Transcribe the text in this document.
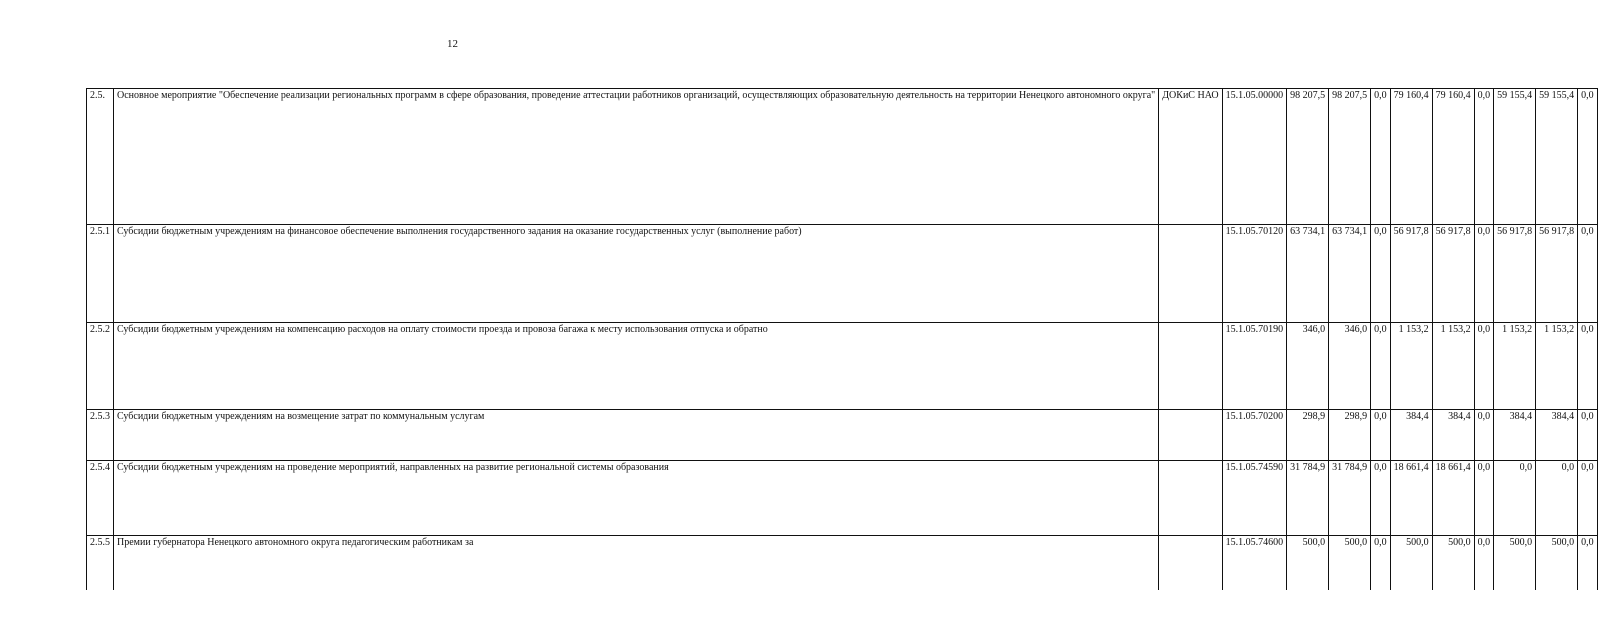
12
2.5.	Основное мероприятие "Обеспечение реализации региональных программ в сфере образования, проведение аттестации работников организаций, осуществляющих образовательную деятельность на территории Ненецкого автономного округа"	ДОКиС НАО	15.1.05.00000	98 207,5	98 207,5	0,0	79 160,4	79 160,4	0,0	59 155,4	59 155,4	0,0
2.5.1	Субсидии бюджетным учреждениям на финансовое обеспечение выполнения государственного задания на оказание государственных услуг (выполнение работ)		15.1.05.70120	63 734,1	63 734,1	0,0	56 917,8	56 917,8	0,0	56 917,8	56 917,8	0,0
2.5.2	Субсидии бюджетным учреждениям на компенсацию расходов на оплату стоимости проезда и провоза багажа к месту использования отпуска и обратно		15.1.05.70190	346,0	346,0	0,0	1 153,2	1 153,2	0,0	1 153,2	1 153,2	0,0
2.5.3	Субсидии бюджетным учреждениям на возмещение затрат по коммунальным услугам		15.1.05.70200	298,9	298,9	0,0	384,4	384,4	0,0	384,4	384,4	0,0
2.5.4	Субсидии бюджетным учреждениям на проведение мероприятий, направленных на развитие региональной системы образования		15.1.05.74590	31 784,9	31 784,9	0,0	18 661,4	18 661,4	0,0	0,0	0,0	0,0
2.5.5	Премии губернатора Ненецкого автономного округа педагогическим работникам за		15.1.05.74600	500,0	500,0	0,0	500,0	500,0	0,0	500,0	500,0	0,0
